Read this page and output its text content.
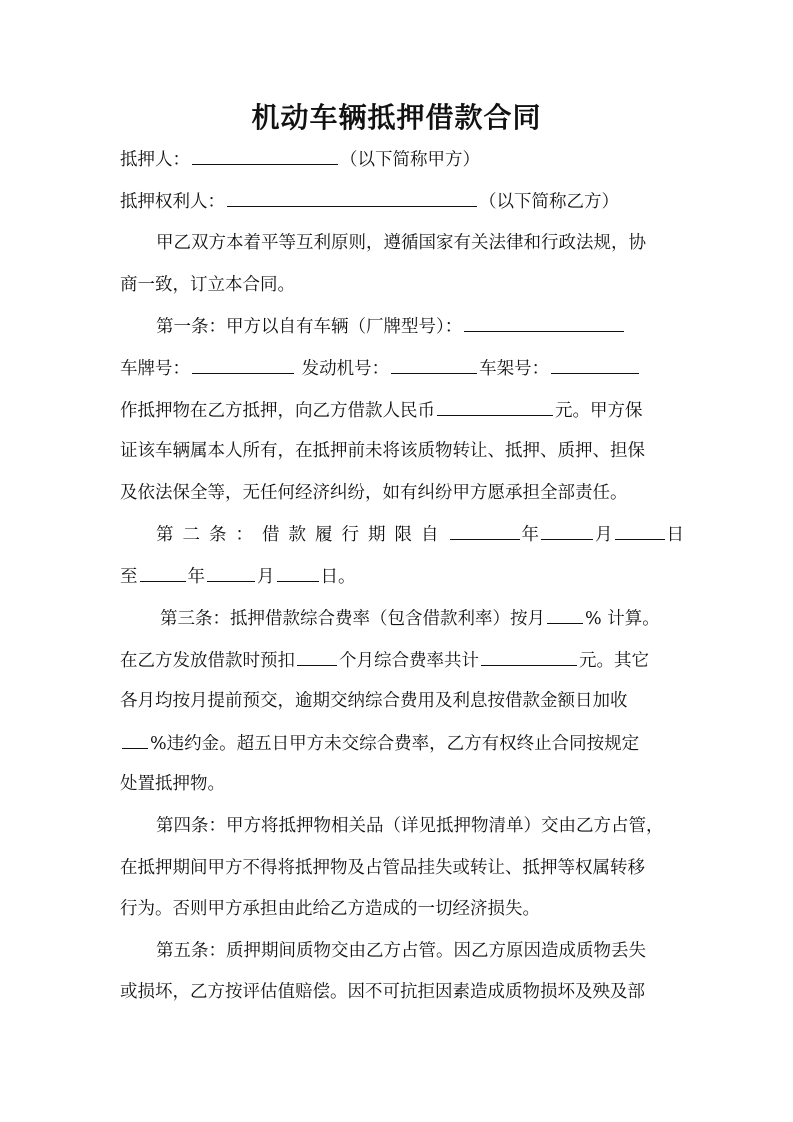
机动车辆抵押借款合同
抵押人：	（以下简称甲方）
抵押权利人：	（以下简称乙方）
甲乙双方本着平等互利原则，遵循国家有关法律和行政法规，协
商一致，订立本合同。
第一条：甲方以自有车辆（厂牌型号）：
车牌号：	发动机号：	车架号：
作抵押物在乙方抵押，向乙方借款人民币	元。甲方保
证该车辆属本人所有，在抵押前未将该质物转让、抵押、质押、担保
及依法保全等，无任何经济纠纷，如有纠纷甲方愿承担全部责任。
第二条：借款履行期限自	年	月	日
至	年	月	日。
第三条：抵押借款综合费率（包含借款利率）按月 % 计算。
在乙方发放借款时预扣	个月综合费率共计	元。其它
各月均按月提前预交，逾期交纳综合费用及利息按借款金额日加收
%违约金。超五日甲方未交综合费率，乙方有权终止合同按规定
处置抵押物。
第四条：甲方将抵押物相关品（详见抵押物清单）交由乙方占管，
在抵押期间甲方不得将抵押物及占管品挂失或转让、抵押等权属转移
行为。否则甲方承担由此给乙方造成的一切经济损失。
第五条：质押期间质物交由乙方占管。因乙方原因造成质物丢失
或损坏，乙方按评估值赔偿。因不可抗拒因素造成质物损坏及殃及部
